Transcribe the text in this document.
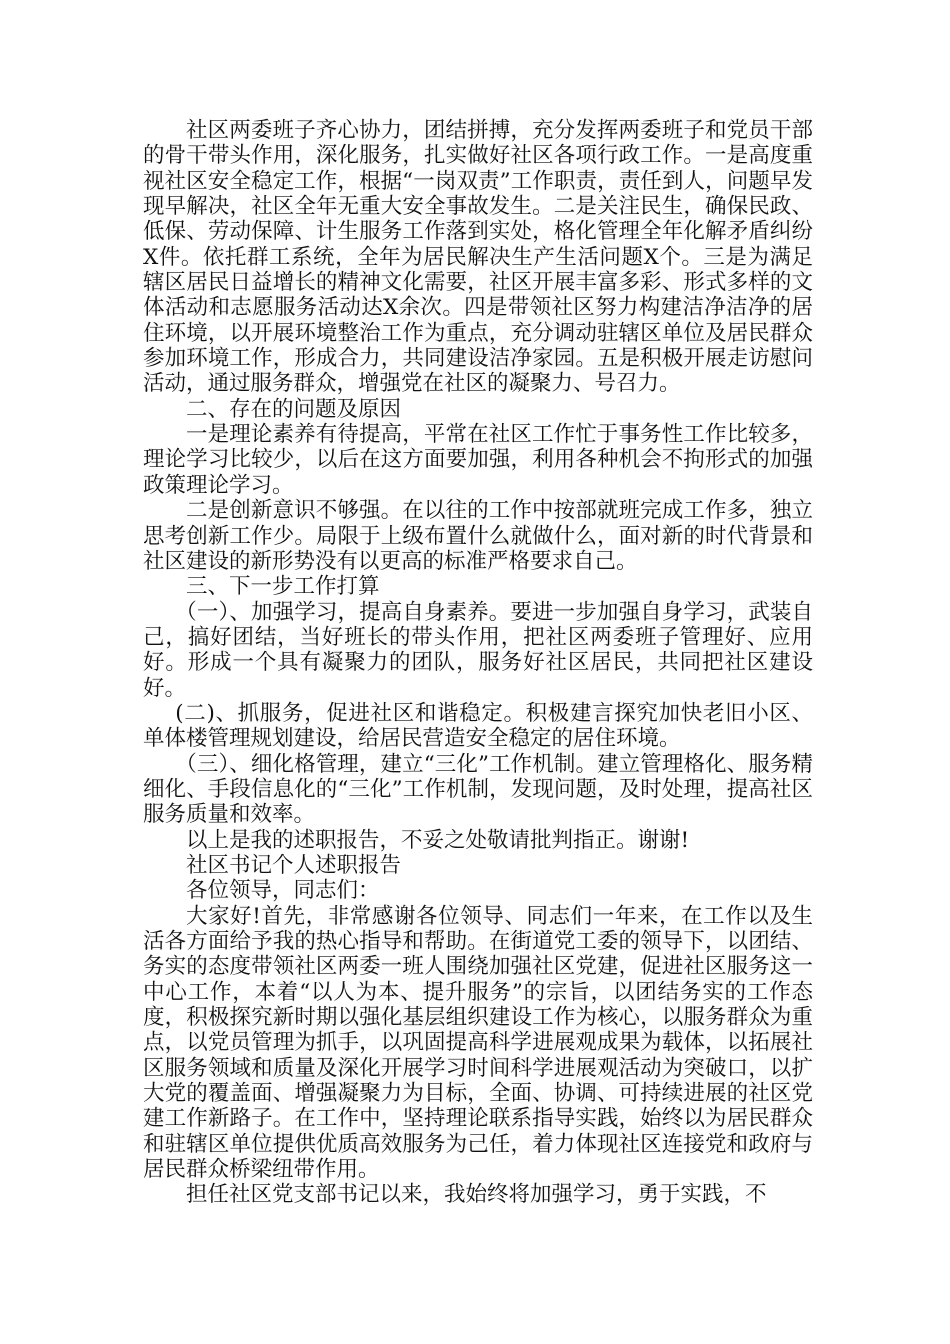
社区两委班子齐心协力，团结拼搏，充分发挥两委班子和党员干部的骨干带头作用，深化服务，扎实做好社区各项行政工作。一是高度重视社区安全稳定工作，根据“一岗双责”工作职责，责任到人，问题早发现早解决，社区全年无重大安全事故发生。二是关注民生，确保民政、低保、劳动保障、计生服务工作落到实处，格化管理全年化解矛盾纠纷X件。依托群工系统，全年为居民解决生产生活问题X个。三是为满足辖区居民日益增长的精神文化需要，社区开展丰富多彩、形式多样的文体活动和志愿服务活动达X余次。四是带领社区努力构建洁净洁净的居住环境，以开展环境整治工作为重点，充分调动驻辖区单位及居民群众参加环境工作，形成合力，共同建设洁净家园。五是积极开展走访慰问活动，通过服务群众，增强党在社区的凝聚力、号召力。

二、存在的问题及原因

一是理论素养有待提高，平常在社区工作忙于事务性工作比较多，理论学习比较少，以后在这方面要加强，利用各种机会不拘形式的加强政策理论学习。

二是创新意识不够强。在以往的工作中按部就班完成工作多，独立思考创新工作少。局限于上级布置什么就做什么，面对新的时代背景和社区建设的新形势没有以更高的标准严格要求自己。

三、下一步工作打算

（一）、加强学习，提高自身素养。要进一步加强自身学习，武装自己，搞好团结，当好班长的带头作用，把社区两委班子管理好、应用好。形成一个具有凝聚力的团队，服务好社区居民，共同把社区建设好。

(二)、抓服务，促进社区和谐稳定。积极建言探究加快老旧小区、单体楼管理规划建设，给居民营造安全稳定的居住环境。

（三）、细化格管理，建立“三化”工作机制。建立管理格化、服务精细化、手段信息化的“三化”工作机制，发现问题，及时处理，提高社区服务质量和效率。

以上是我的述职报告，不妥之处敬请批判指正。谢谢!

社区书记个人述职报告

各位领导，同志们：

大家好!首先，非常感谢各位领导、同志们一年来，在工作以及生活各方面给予我的热心指导和帮助。在街道党工委的领导下，以团结、务实的态度带领社区两委一班人围绕加强社区党建，促进社区服务这一中心工作，本着“以人为本、提升服务”的宗旨，以团结务实的工作态度，积极探究新时期以强化基层组织建设工作为核心，以服务群众为重点，以党员管理为抓手，以巩固提高科学进展观成果为载体，以拓展社区服务领域和质量及深化开展学习时间科学进展观活动为突破口，以扩大党的覆盖面、增强凝聚力为目标，全面、协调、可持续进展的社区党建工作新路子。在工作中，坚持理论联系指导实践，始终以为居民群众和驻辖区单位提供优质高效服务为己任，着力体现社区连接党和政府与居民群众桥梁纽带作用。

担任社区党支部书记以来，我始终将加强学习，勇于实践，不
